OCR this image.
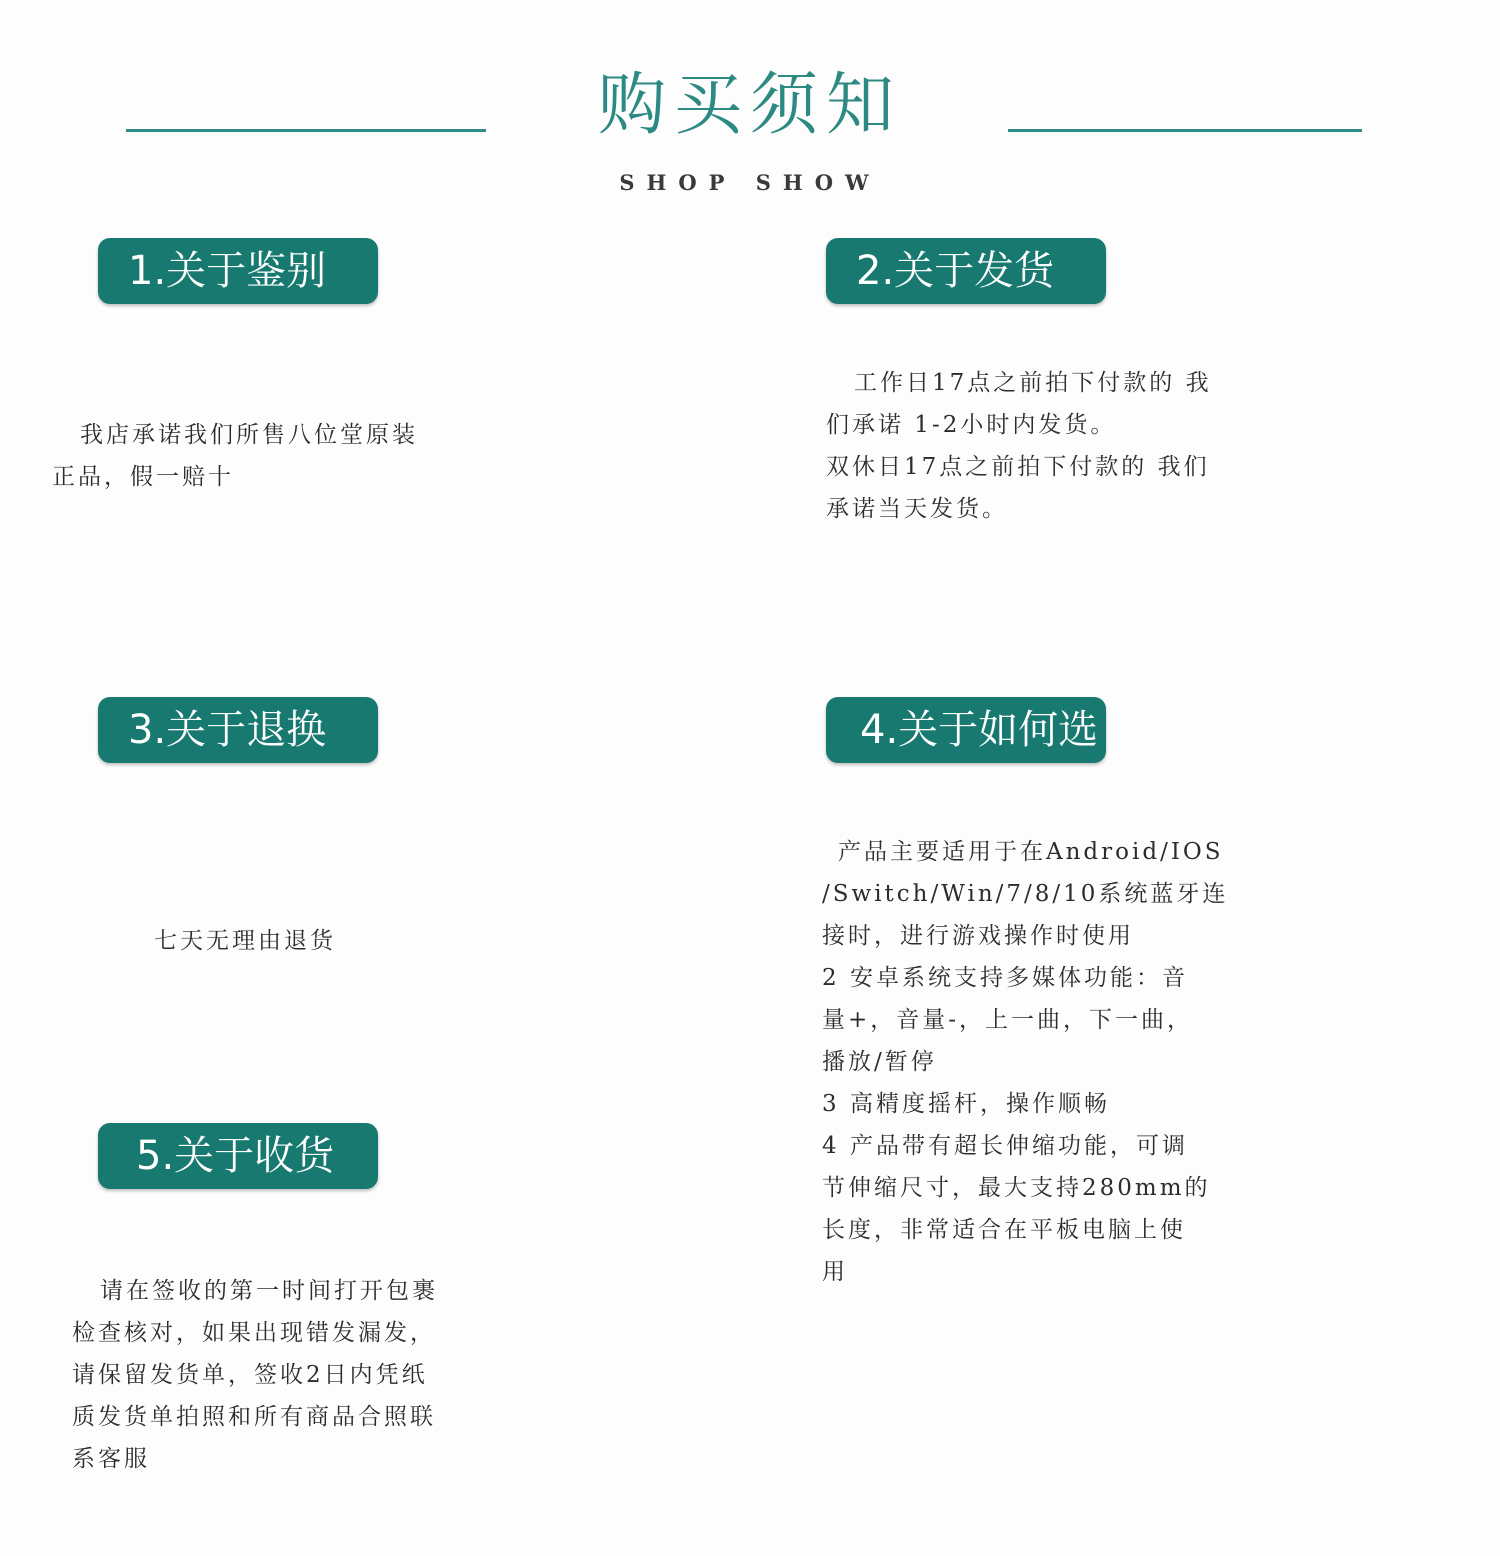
购买须知
SHOP SHOW
1.关于鉴别
我店承诺我们所售八位堂原装
正品，假一赔十
2.关于发货
工作日17点之前拍下付款的 我
们承诺 1-2小时内发货。
双休日17点之前拍下付款的 我们
承诺当天发货。
3.关于退换
七天无理由退货
4.关于如何选
产品主要适用于在Android/IOS
/Switch/Win/7/8/10系统蓝牙连
接时，进行游戏操作时使用
2 安卓系统支持多媒体功能：音
量+，音量-，上一曲，下一曲，
播放/暂停
3 高精度摇杆，操作顺畅
4 产品带有超长伸缩功能，可调
节伸缩尺寸，最大支持280mm的
长度，非常适合在平板电脑上使
用
5.关于收货
请在签收的第一时间打开包裹
检查核对，如果出现错发漏发，
请保留发货单，签收2日内凭纸
质发货单拍照和所有商品合照联
系客服
